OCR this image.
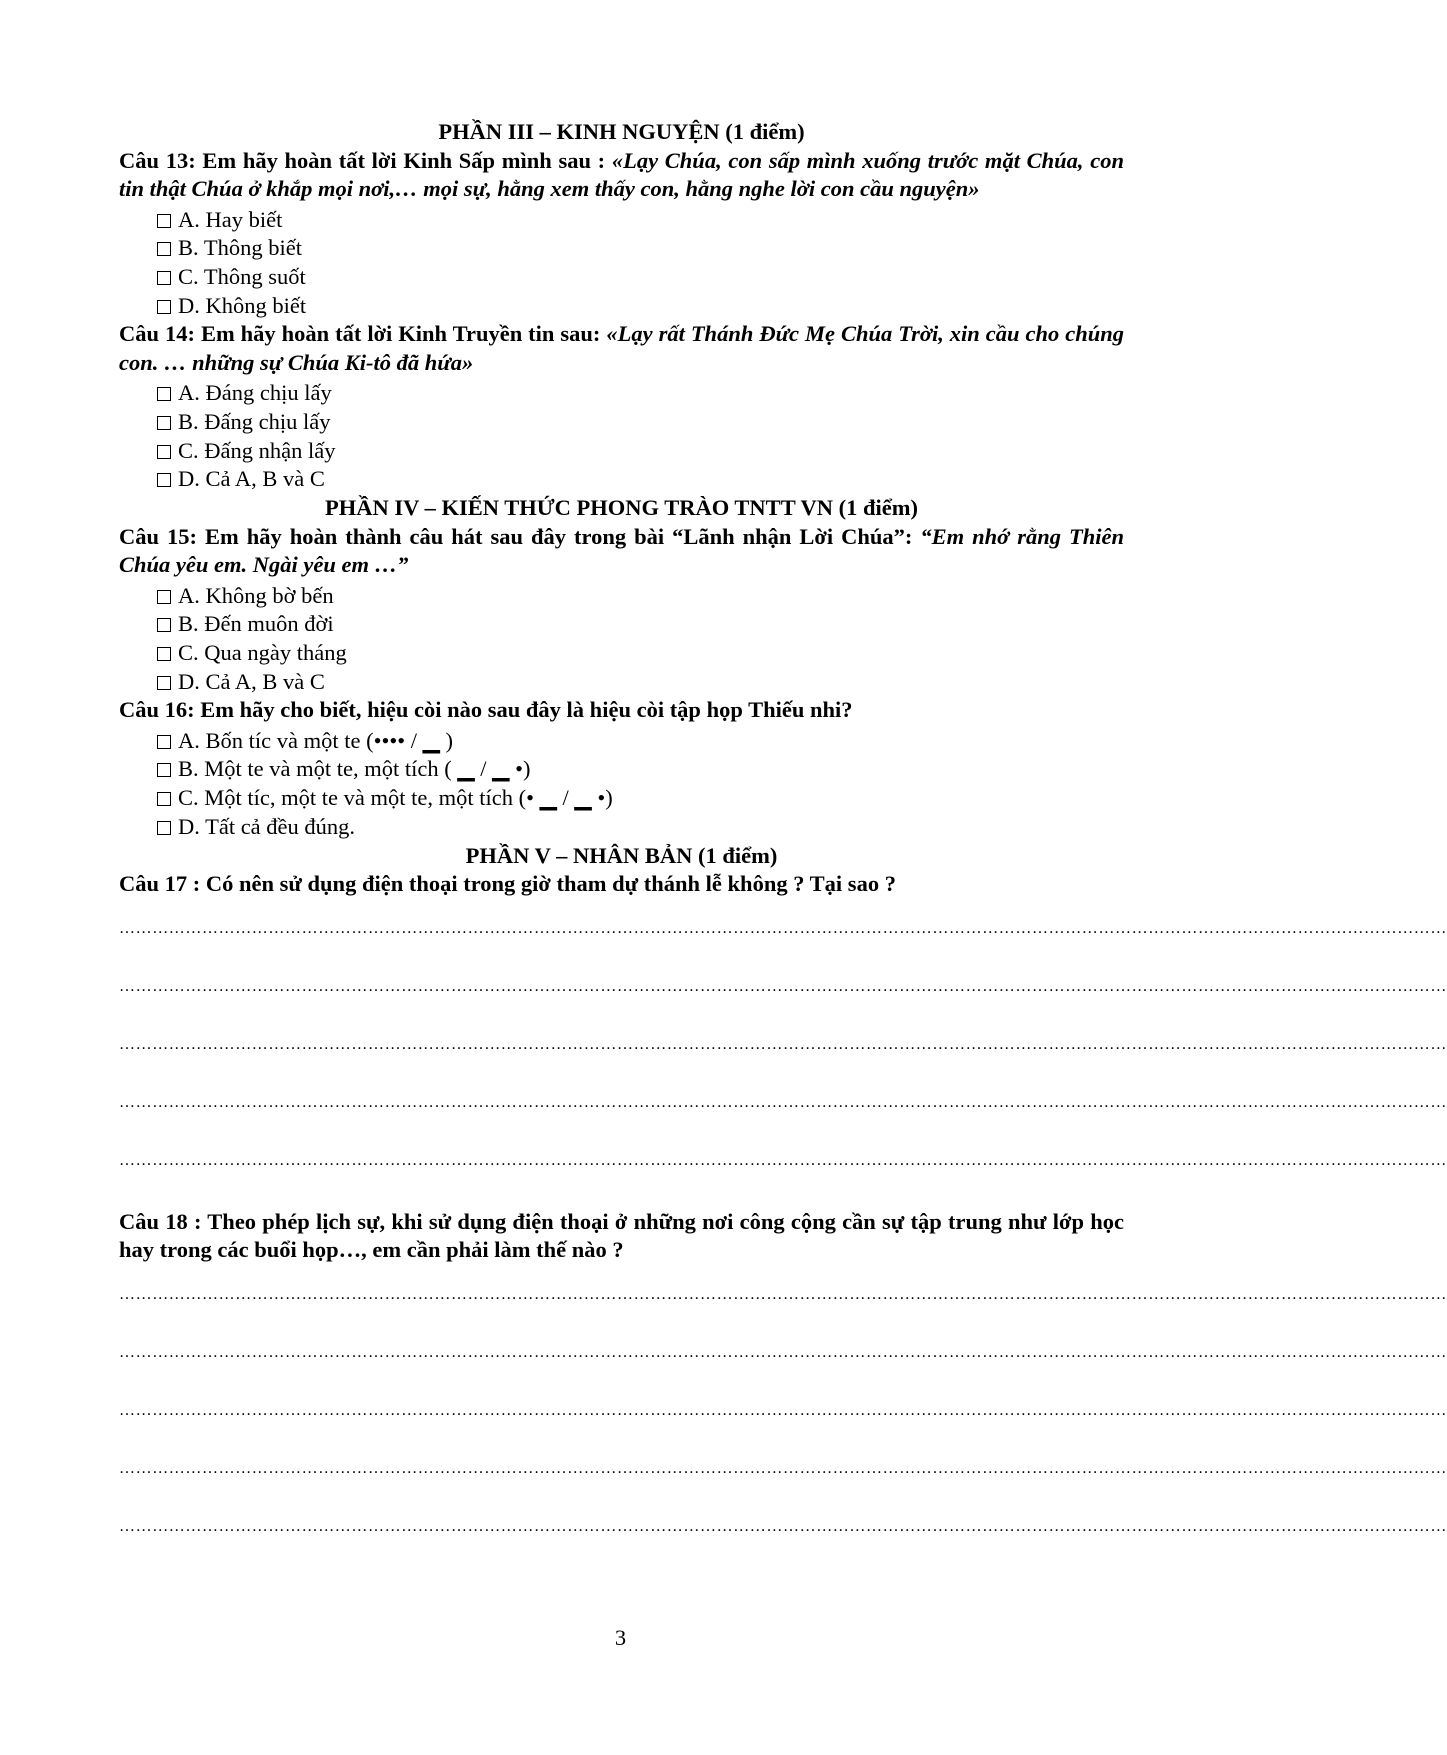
PHẦN III – KINH NGUYỆN (1 điểm)
Câu 13: Em hãy hoàn tất lời Kinh Sấp mình sau : «Lạy Chúa, con sấp mình xuống trước mặt Chúa, con tin thật Chúa ở khắp mọi nơi,… mọi sự, hằng xem thấy con, hằng nghe lời con cầu nguyện»
A. Hay biết
B. Thông biết
C. Thông suốt
D. Không biết
Câu 14: Em hãy hoàn tất lời Kinh Truyền tin sau: «Lạy rất Thánh Đức Mẹ Chúa Trời, xin cầu cho chúng con. … những sự Chúa Ki-tô đã hứa»
A. Đáng chịu lấy
B. Đấng chịu lấy
C. Đấng nhận lấy
D. Cả A, B và C
PHẦN IV – KIẾN THỨC PHONG TRÀO TNTT VN (1 điểm)
Câu 15: Em hãy hoàn thành câu hát sau đây trong bài “Lãnh nhận Lời Chúa”: “Em nhớ rằng Thiên Chúa yêu em. Ngài yêu em …”
A. Không bờ bến
B. Đến muôn đời
C. Qua ngày tháng
D. Cả A, B và C
Câu 16: Em hãy cho biết, hiệu còi nào sau đây là hiệu còi tập họp Thiếu nhi?
A. Bốn tíc và một te (•••• / ▁ )
B. Một te và một te, một tích ( ▁ / ▁ •)
C. Một tíc, một te và một te, một tích (• ▁ / ▁ •)
D. Tất cả đều đúng.
PHẦN V – NHÂN BẢN (1 điểm)
Câu 17 : Có nên sử dụng điện thoại trong giờ tham dự thánh lễ không ? Tại sao ?
……………………………………………………………………………………………………………………………………………………………………………………………………………………
……………………………………………………………………………………………………………………………………………………………………………………………………………………
……………………………………………………………………………………………………………………………………………………………………………………………………………………
……………………………………………………………………………………………………………………………………………………………………………………………………………………
……………………………………………………………………………………………………………………………………………………………………………………………………………………
Câu 18 : Theo phép lịch sự, khi sử dụng điện thoại ở những nơi công cộng cần sự tập trung như lớp học hay trong các buổi họp…, em cần phải làm thế nào ?
……………………………………………………………………………………………………………………………………………………………………………………………………………………
……………………………………………………………………………………………………………………………………………………………………………………………………………………
……………………………………………………………………………………………………………………………………………………………………………………………………………………
……………………………………………………………………………………………………………………………………………………………………………………………………………………
……………………………………………………………………………………………………………………………………………………………………………………………………………………
3
